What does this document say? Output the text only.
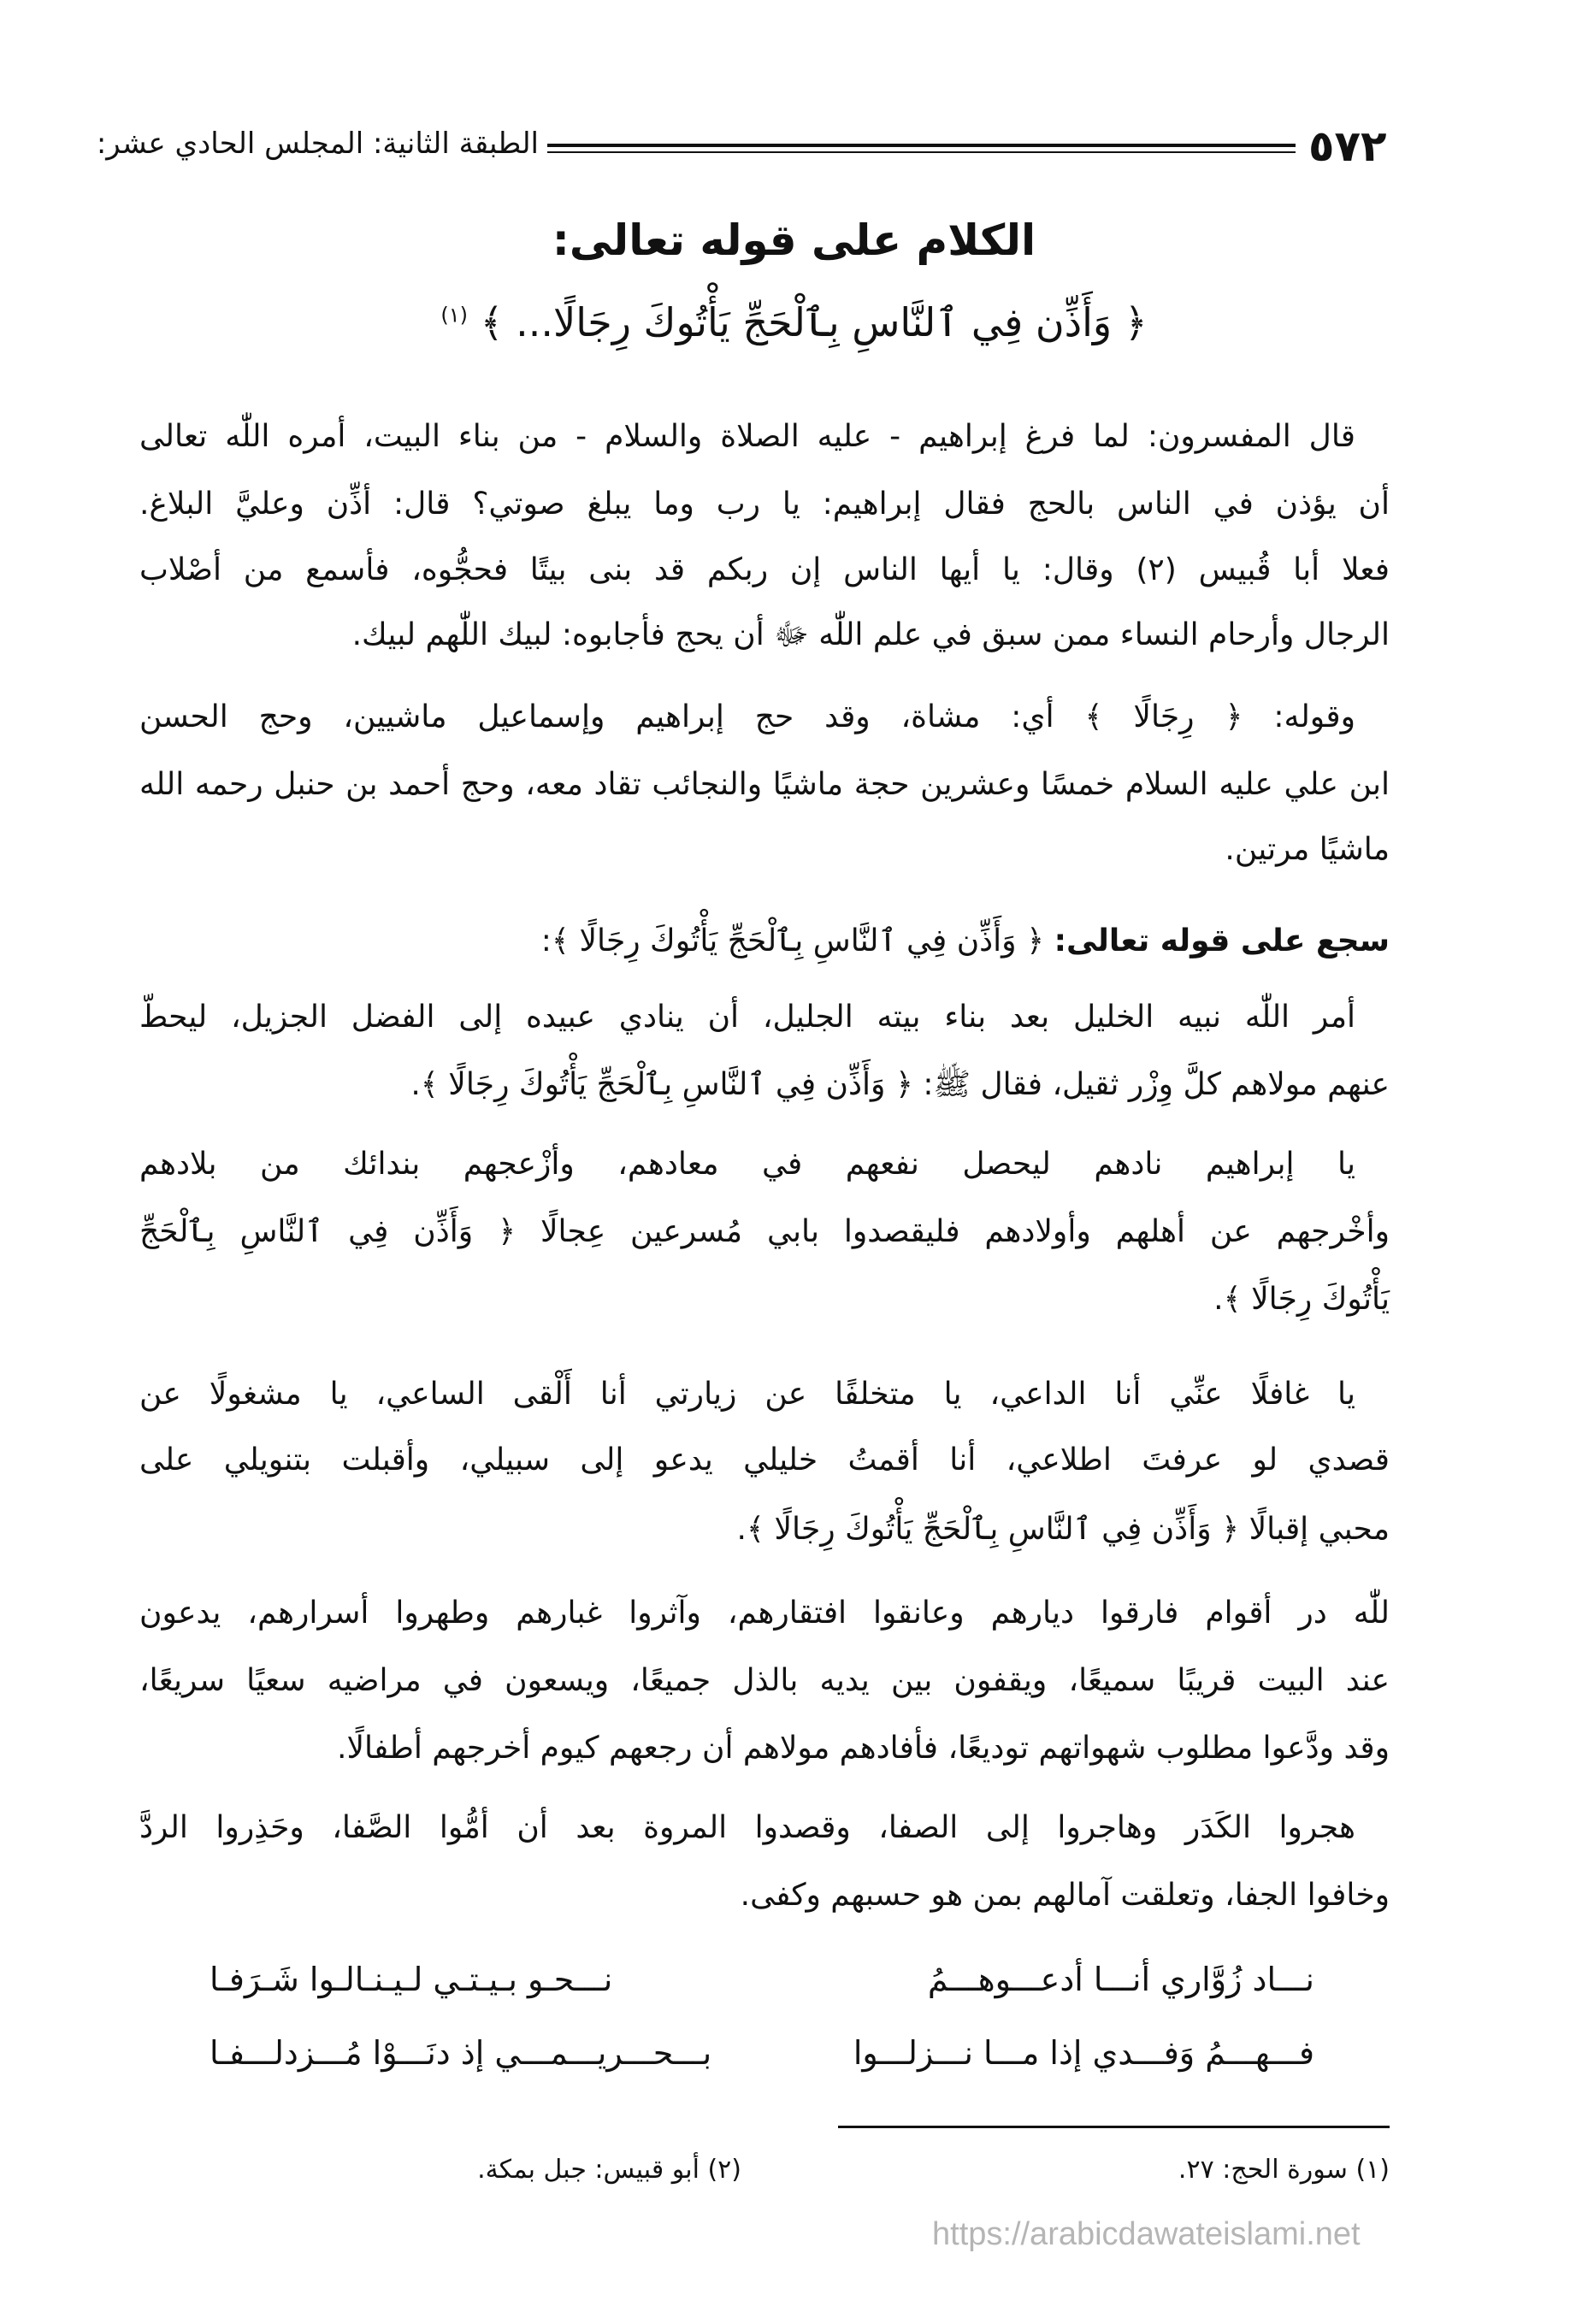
٥٧٢
الطبقة الثانية: المجلس الحادي عشر:
الكلام على قوله تعالى:
﴿ وَأَذِّن فِي ٱلنَّاسِ بِٱلْحَجِّ يَأْتُوكَ رِجَالًا... ﴾ $^{(١)}$
قال المفسرون: لما فرغ إبراهيم - عليه الصلاة والسلام - من بناء البيت، أمره اللّٰه تعالى
أن يؤذن في الناس بالحج فقال إبراهيم: يا رب وما يبلغ صوتي؟ قال: أذِّن وعليَّ البلاغ.
فعلا أبا قُبيس (٢) وقال: يا أيها الناس إن ربكم قد بنى بيتًا فحجُّوه، فأسمع من أصْلاب
الرجال وأرحام النساء ممن سبق في علم اللّٰه ﷻ أن يحج فأجابوه: لبيك اللّٰهم لبيك.
وقوله: ﴿ رِجَالًا ﴾ أي: مشاة، وقد حج إبراهيم وإسماعيل ماشيين، وحج الحسن
ابن علي عليه السلام خمسًا وعشرين حجة ماشيًا والنجائب تقاد معه، وحج أحمد بن حنبل رحمه الله
ماشيًا مرتين.
أمر اللّٰه نبيه الخليل بعد بناء بيته الجليل، أن ينادي عبيده إلى الفضل الجزيل، ليحطّ
عنهم مولاهم كلَّ وِزْر ثقيل، فقال ﷺ: ﴿ وَأَذِّن فِي ٱلنَّاسِ بِٱلْحَجِّ يَأْتُوكَ رِجَالًا ﴾.
يا إبراهيم نادهم ليحصل نفعهم في معادهم، وأزْعجهم بندائك من بلادهم
وأخْرجهم عن أهلهم وأولادهم فليقصدوا بابي مُسرعين عِجالًا ﴿ وَأَذِّن فِي ٱلنَّاسِ بِٱلْحَجِّ
يَأْتُوكَ رِجَالًا ﴾.
يا غافلًا عنِّي أنا الداعي، يا متخلفًا عن زيارتي أنا أَلْقى الساعي، يا مشغولًا عن
قصدي لو عرفتَ اطلاعي، أنا أقمتُ خليلي يدعو إلى سبيلي، وأقبلت بتنويلي على
محبي إقبالًا ﴿ وَأَذِّن فِي ٱلنَّاسِ بِٱلْحَجِّ يَأْتُوكَ رِجَالًا ﴾.
للّٰه در أقوام فارقوا ديارهم وعانقوا افتقارهم، وآثروا غبارهم وطهروا أسرارهم، يدعون
عند البيت قريبًا سميعًا، ويقفون بين يديه بالذل جميعًا، ويسعون في مراضيه سعيًا سريعًا،
وقد ودَّعوا مطلوب شهواتهم توديعًا، فأفادهم مولاهم أن رجعهم كيوم أخرجهم أطفالًا.
هجروا الكَدَر وهاجروا إلى الصفا، وقصدوا المروة بعد أن أمُّوا الصَّفا، وحَذِروا الردَّ
وخافوا الجفا، وتعلقت آمالهم بمن هو حسبهم وكفى.
سجع على قوله تعالى: ﴿ وَأَذِّن فِي ٱلنَّاسِ بِٱلْحَجِّ يَأْتُوكَ رِجَالًا ﴾:
نـــاد زُوَّاري أنـــا أدعـــوهـــمُ
نـــحـو بـيـتـي لـيـنـالـوا شَـرَفـا
فـــهـــمُ وَفـــدي إذا مـــا نـــزلـــوا
بـــحـــريـــمـــي إذ دنَـــوْا مُـــزدلـــفـا
(١) سورة الحج: ٢٧.
(٢) أبو قبيس: جبل بمكة.
https://arabicdawateislami.net
